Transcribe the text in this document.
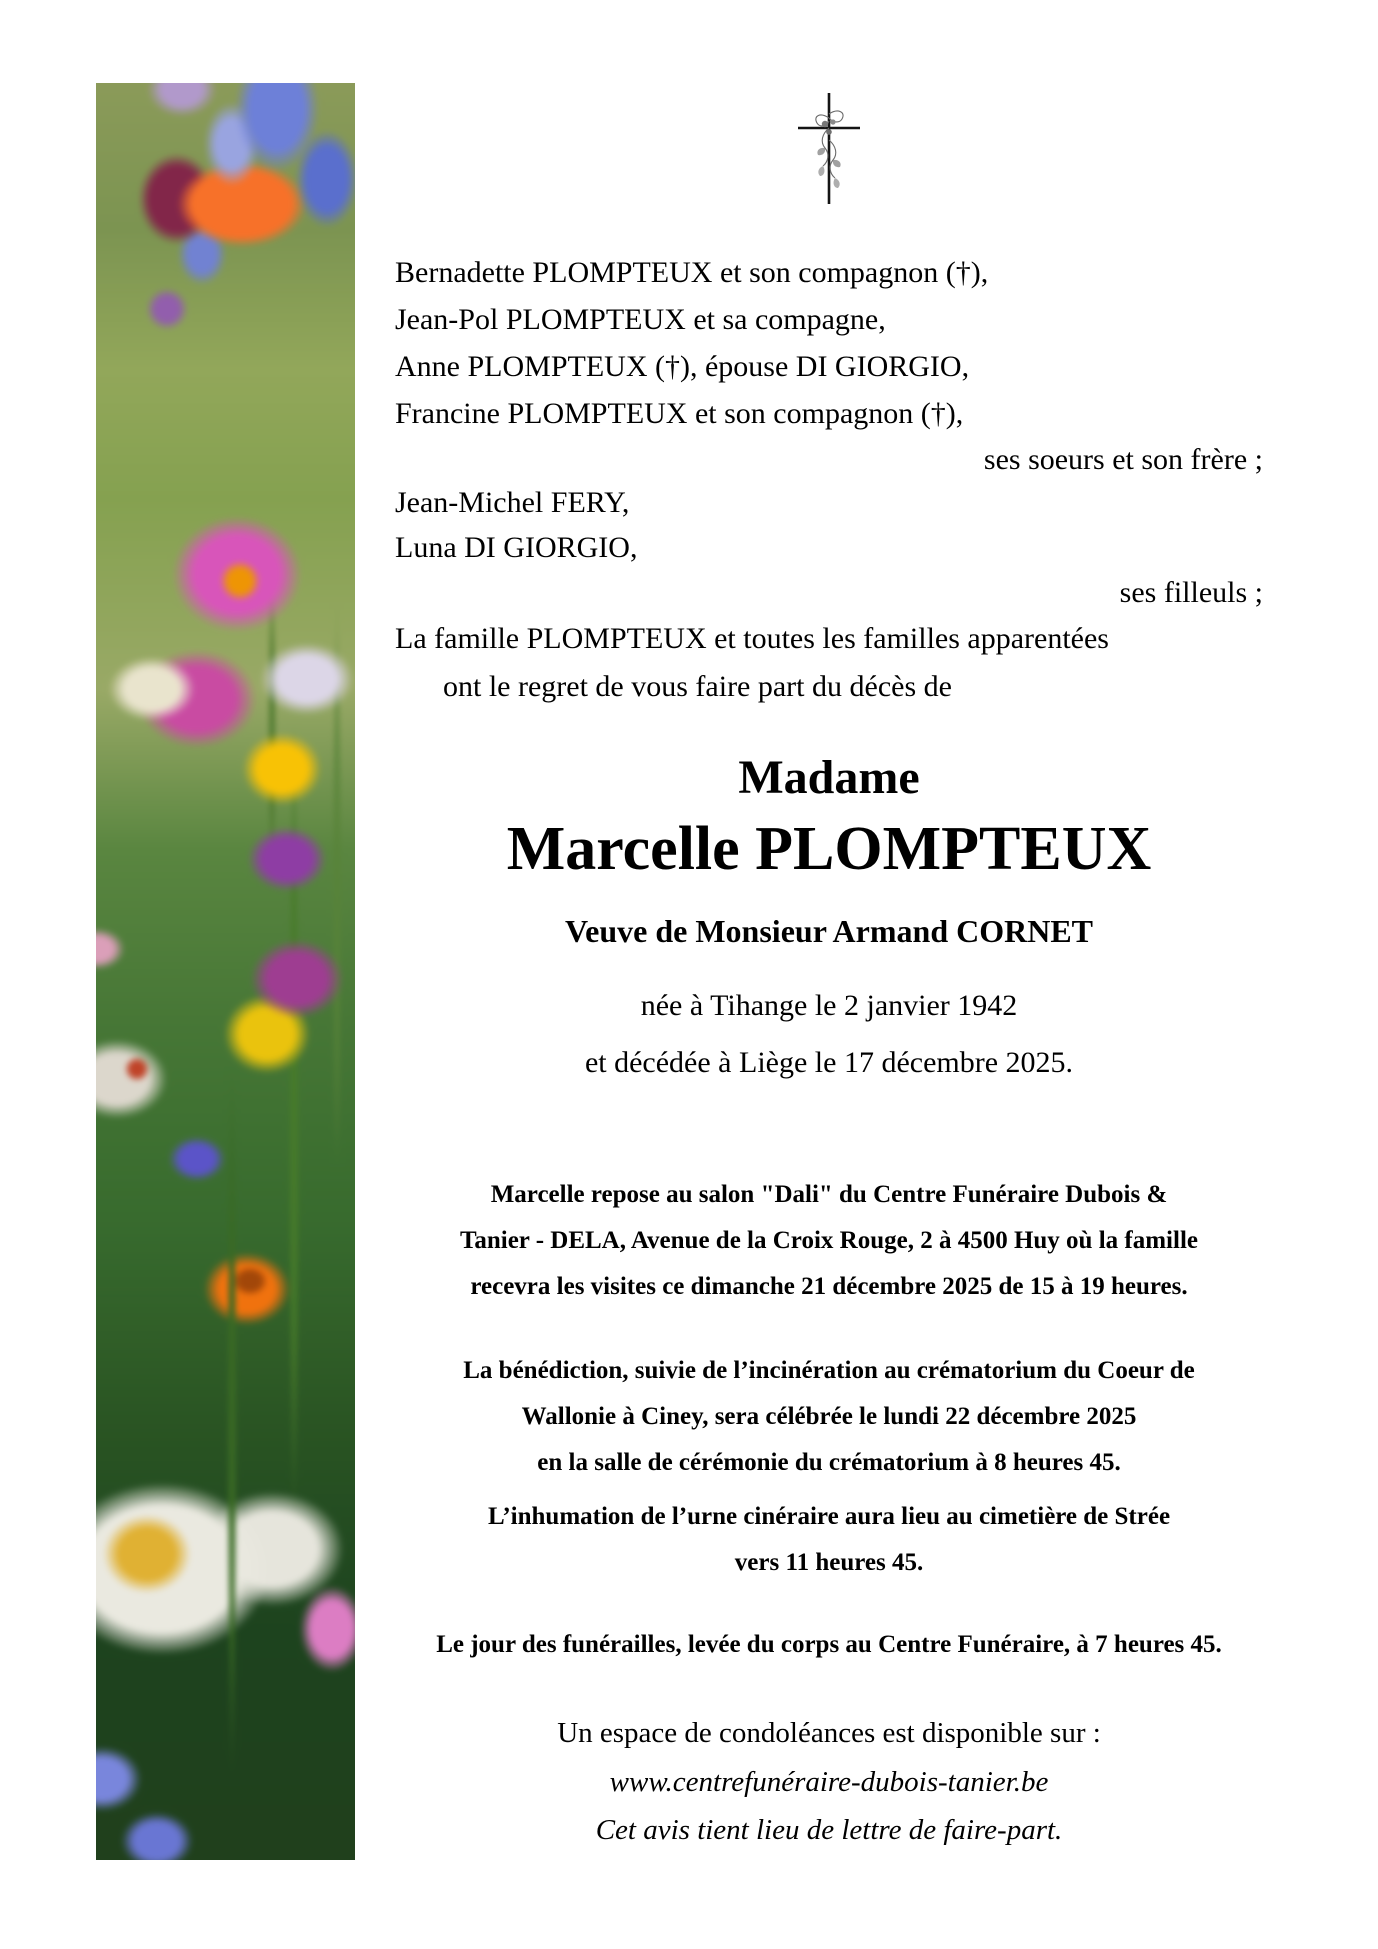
Bernadette PLOMPTEUX et son compagnon (†),
Jean-Pol PLOMPTEUX et sa compagne,
Anne PLOMPTEUX (†), épouse DI GIORGIO,
Francine PLOMPTEUX et son compagnon (†),
ses soeurs et son frère ;
Jean-Michel FERY,
Luna DI GIORGIO,
ses filleuls ;
La famille PLOMPTEUX et toutes les familles apparentées
ont le regret de vous faire part du décès de
Madame
Marcelle PLOMPTEUX
Veuve de Monsieur Armand CORNET
née à Tihange le 2 janvier 1942
et décédée à Liège le 17 décembre 2025.
Marcelle repose au salon "Dali" du Centre Funéraire Dubois &
Tanier - DELA, Avenue de la Croix Rouge, 2 à 4500 Huy où la famille
recevra les visites ce dimanche 21 décembre 2025 de 15 à 19 heures.
La bénédiction, suivie de l’incinération au crématorium du Coeur de
Wallonie à Ciney, sera célébrée le lundi 22 décembre 2025
en la salle de cérémonie du crématorium à 8 heures 45.
L’inhumation de l’urne cinéraire aura lieu au cimetière de Strée
vers 11 heures 45.
Le jour des funérailles, levée du corps au Centre Funéraire, à 7 heures 45.
Un espace de condoléances est disponible sur :
www.centrefunéraire-dubois-tanier.be
Cet avis tient lieu de lettre de faire-part.
